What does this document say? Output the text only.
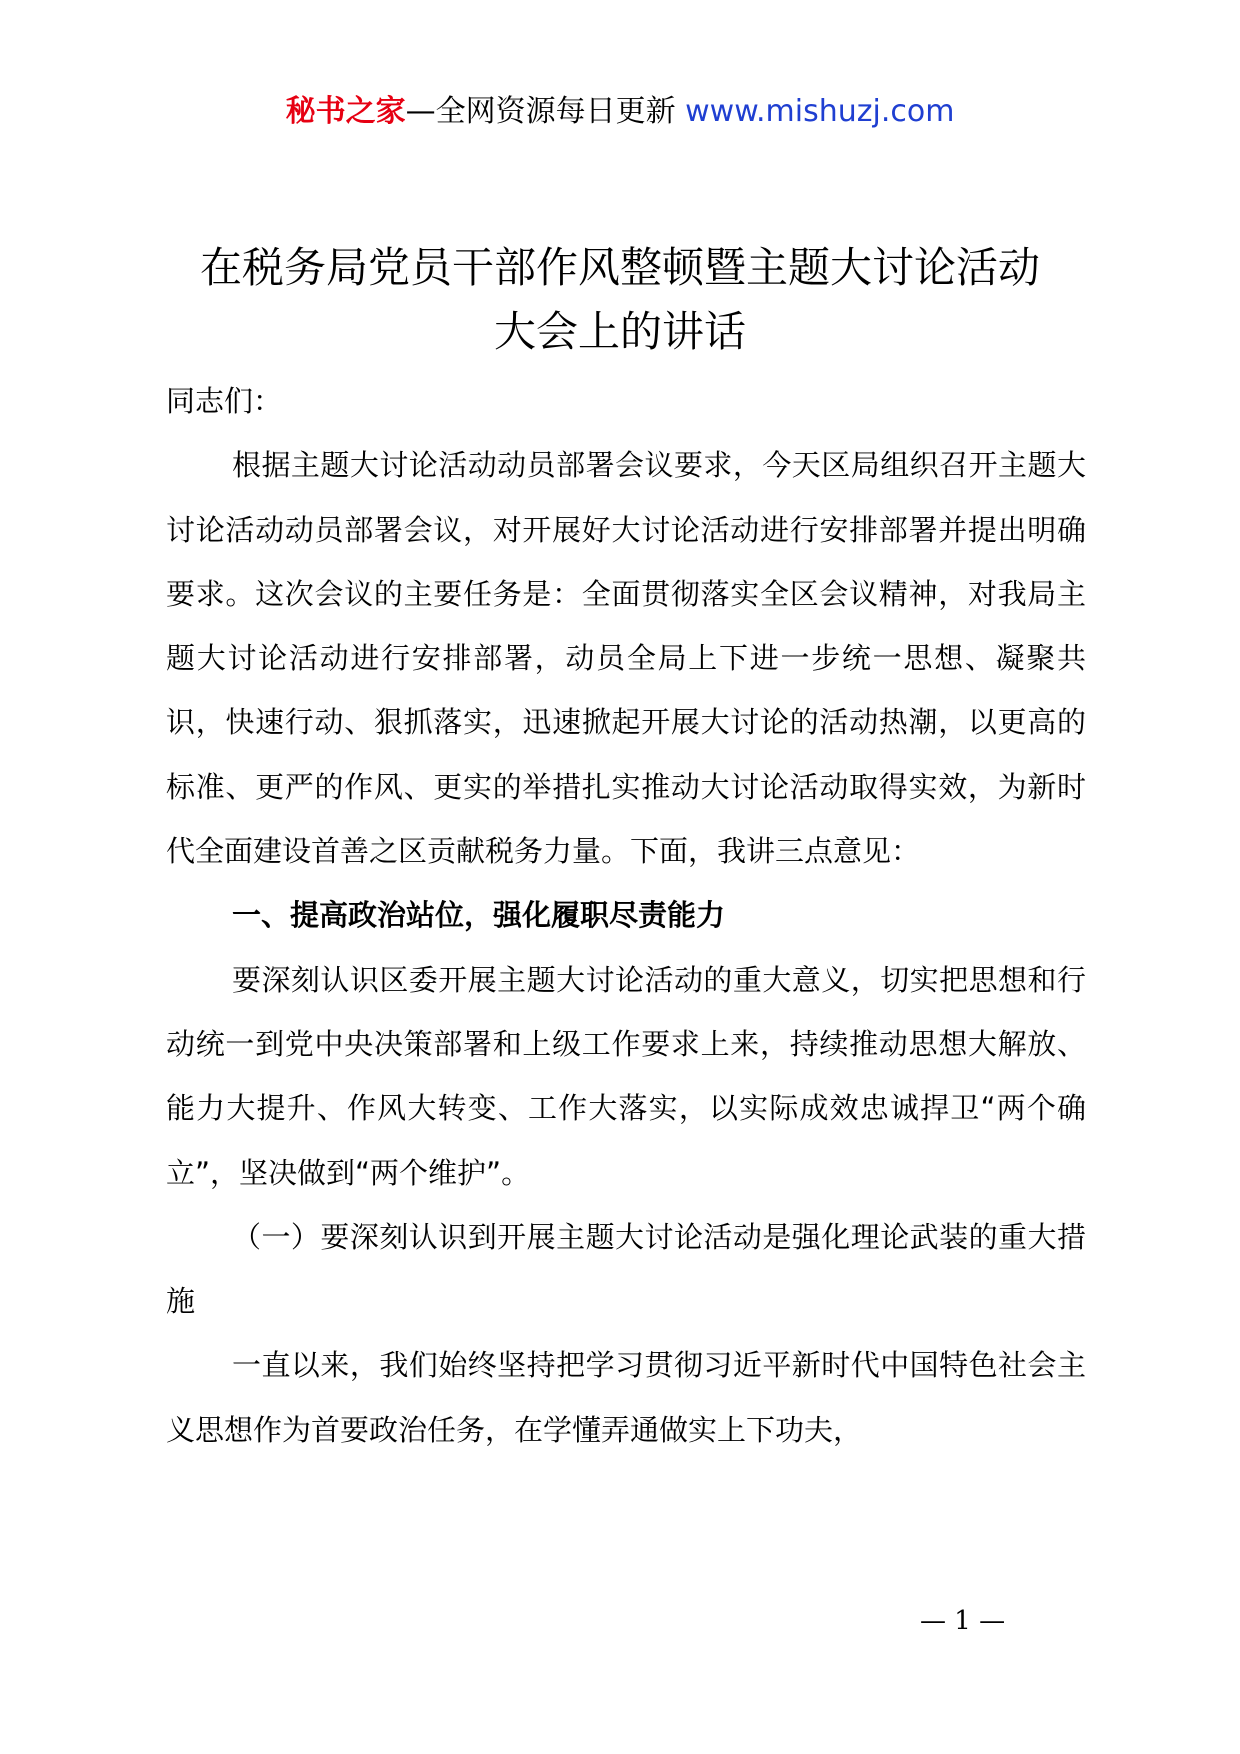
秘书之家—全网资源每日更新 www.mishuzj.com
在税务局党员干部作风整顿暨主题大讨论活动
大会上的讲话

同志们：

根据主题大讨论活动动员部署会议要求，今天区局组织召开主题大讨论活动动员部署会议，对开展好大讨论活动进行安排部署并提出明确要求。这次会议的主要任务是：全面贯彻落实全区会议精神，对我局主题大讨论活动进行安排部署，动员全局上下进一步统一思想、凝聚共识，快速行动、狠抓落实，迅速掀起开展大讨论的活动热潮，以更高的标准、更严的作风、更实的举措扎实推动大讨论活动取得实效，为新时代全面建设首善之区贡献税务力量。下面，我讲三点意见：

一、提高政治站位，强化履职尽责能力

要深刻认识区委开展主题大讨论活动的重大意义，切实把思想和行动统一到党中央决策部署和上级工作要求上来，持续推动思想大解放、能力大提升、作风大转变、工作大落实，以实际成效忠诚捍卫“两个确立”，坚决做到“两个维护”。

（一）要深刻认识到开展主题大讨论活动是强化理论武装的重大措施

一直以来，我们始终坚持把学习贯彻习近平新时代中国特色社会主义思想作为首要政治任务，在学懂弄通做实上下功夫，

— 1 —
